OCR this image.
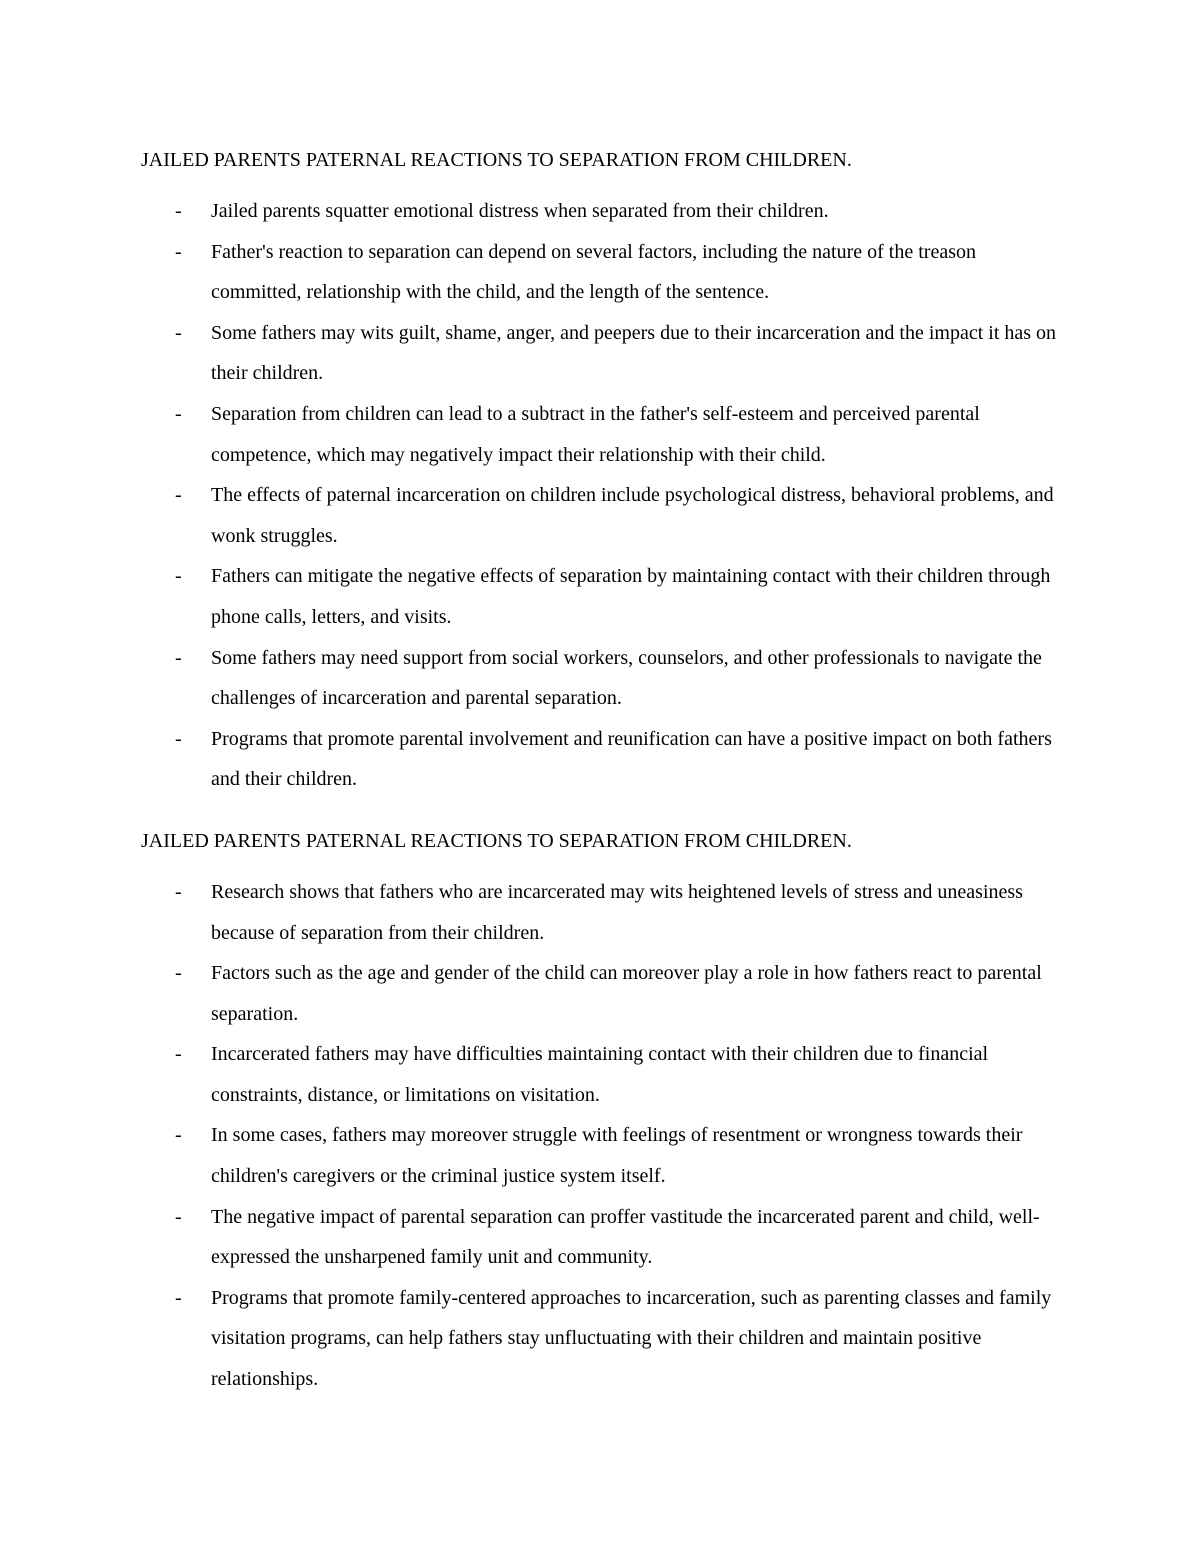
JAILED PARENTS PATERNAL REACTIONS TO SEPARATION FROM CHILDREN.
-	Jailed parents squatter emotional distress when separated from their children.
-	Father's reaction to separation can depend on several factors, including the nature of the treason committed, relationship with the child, and the length of the sentence.
-	Some fathers may wits guilt, shame, anger, and peepers due to their incarceration and the impact it has on their children.
-	Separation from children can lead to a subtract in the father's self-esteem and perceived parental competence, which may negatively impact their relationship with their child.
-	The effects of paternal incarceration on children include psychological distress, behavioral problems, and wonk struggles.
-	Fathers can mitigate the negative effects of separation by maintaining contact with their children through phone calls, letters, and visits.
-	Some fathers may need support from social workers, counselors, and other professionals to navigate the challenges of incarceration and parental separation.
-	Programs that promote parental involvement and reunification can have a positive impact on both fathers and their children.
JAILED PARENTS PATERNAL REACTIONS TO SEPARATION FROM CHILDREN.
-	Research shows that fathers who are incarcerated may wits heightened levels of stress and uneasiness because of separation from their children.
-	Factors such as the age and gender of the child can moreover play a role in how fathers react to parental separation.
-	Incarcerated fathers may have difficulties maintaining contact with their children due to financial constraints, distance, or limitations on visitation.
-	In some cases, fathers may moreover struggle with feelings of resentment or wrongness towards their children's caregivers or the criminal justice system itself.
-	The negative impact of parental separation can proffer vastitude the incarcerated parent and child, well-expressed the unsharpened family unit and community.
-	Programs that promote family-centered approaches to incarceration, such as parenting classes and family visitation programs, can help fathers stay unfluctuating with their children and maintain positive relationships.
